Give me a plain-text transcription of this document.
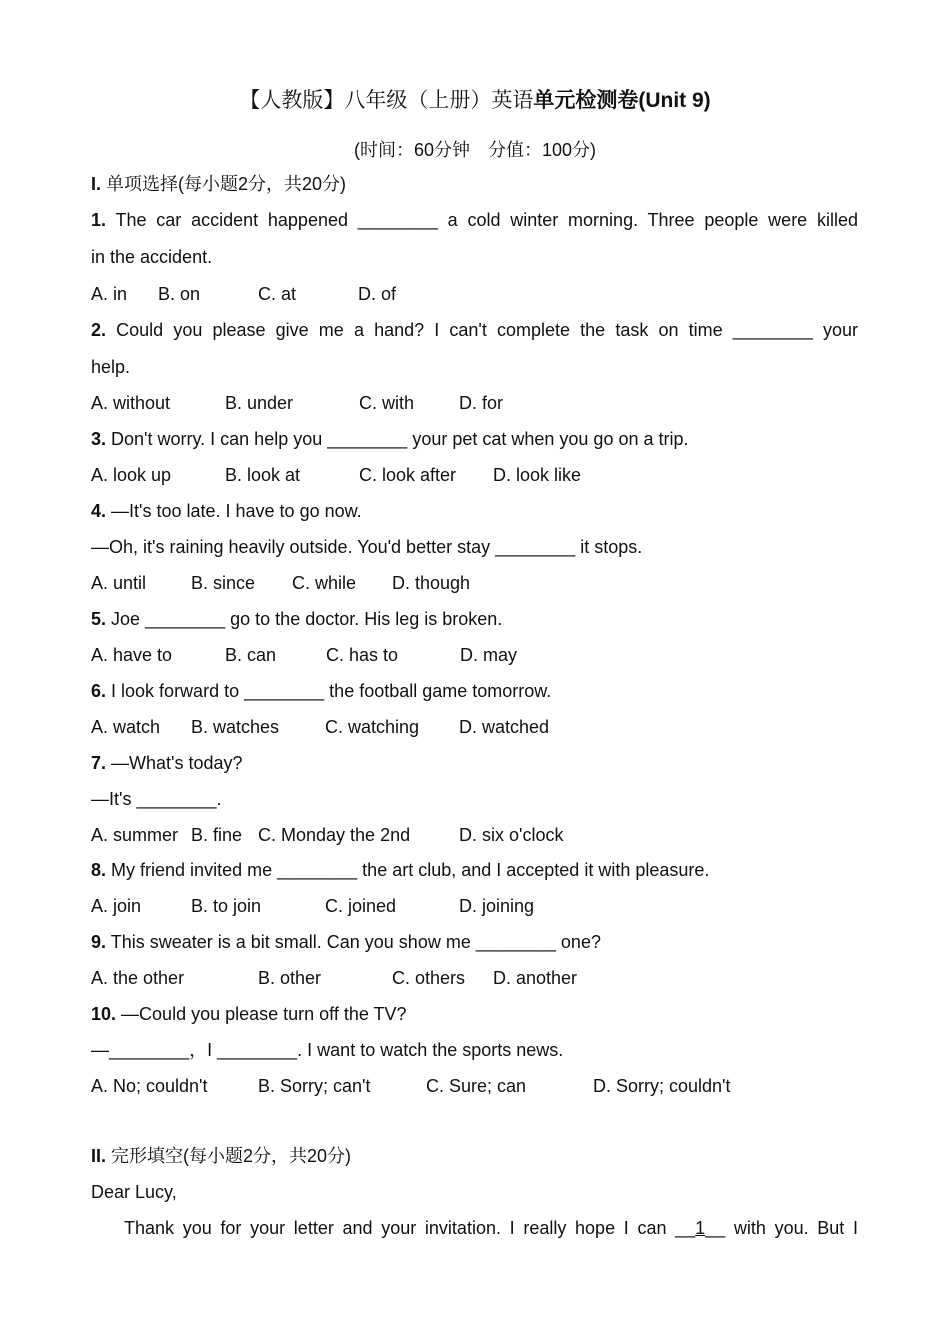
【人教版】八年级（上册）英语单元检测卷(Unit 9)
(时间：60分钟　分值：100分)
I. 单项选择(每小题2分，共20分)
1. The car accident happened ________ a cold winter morning. Three people were killed
in the accident.
A. in B. on	C. at	D. of
2. Could you please give me a hand? I can't complete the task on time ________ your
help.
A. without	B. under	C. with D. for
3. Don't worry. I can help you ________ your pet cat when you go on a trip.
A. look up	B. look at	C. look after D. look like
4. —It's too late. I have to go now.
—Oh, it's raining heavily outside. You'd better stay ________ it stops.
A. until B. since C. while D. though
5. Joe ________ go to the doctor. His leg is broken.
A. have to	B. can	C. has to	D. may
6. I look forward to ________ the football game tomorrow.
A. watch B. watches	C. watching D. watched
7. —What's today?
—It's ________.
A. summer B. fine C. Monday the 2nd	D. six o'clock
8. My friend invited me ________ the art club, and I accepted it with pleasure.
A. join	B. to join	C. joined	D. joining
9. This sweater is a bit small. Can you show me ________ one?
A. the other	B. other	C. others D. another
10. —Could you please turn off the TV?
—________，I ________. I want to watch the sports news.
A. No; couldn't	B. Sorry; can't	C. Sure; can	D. Sorry; couldn't
II. 完形填空(每小题2分，共20分)
Dear Lucy,
Thank you for your letter and your invitation. I really hope I can __1__ with you. But I
